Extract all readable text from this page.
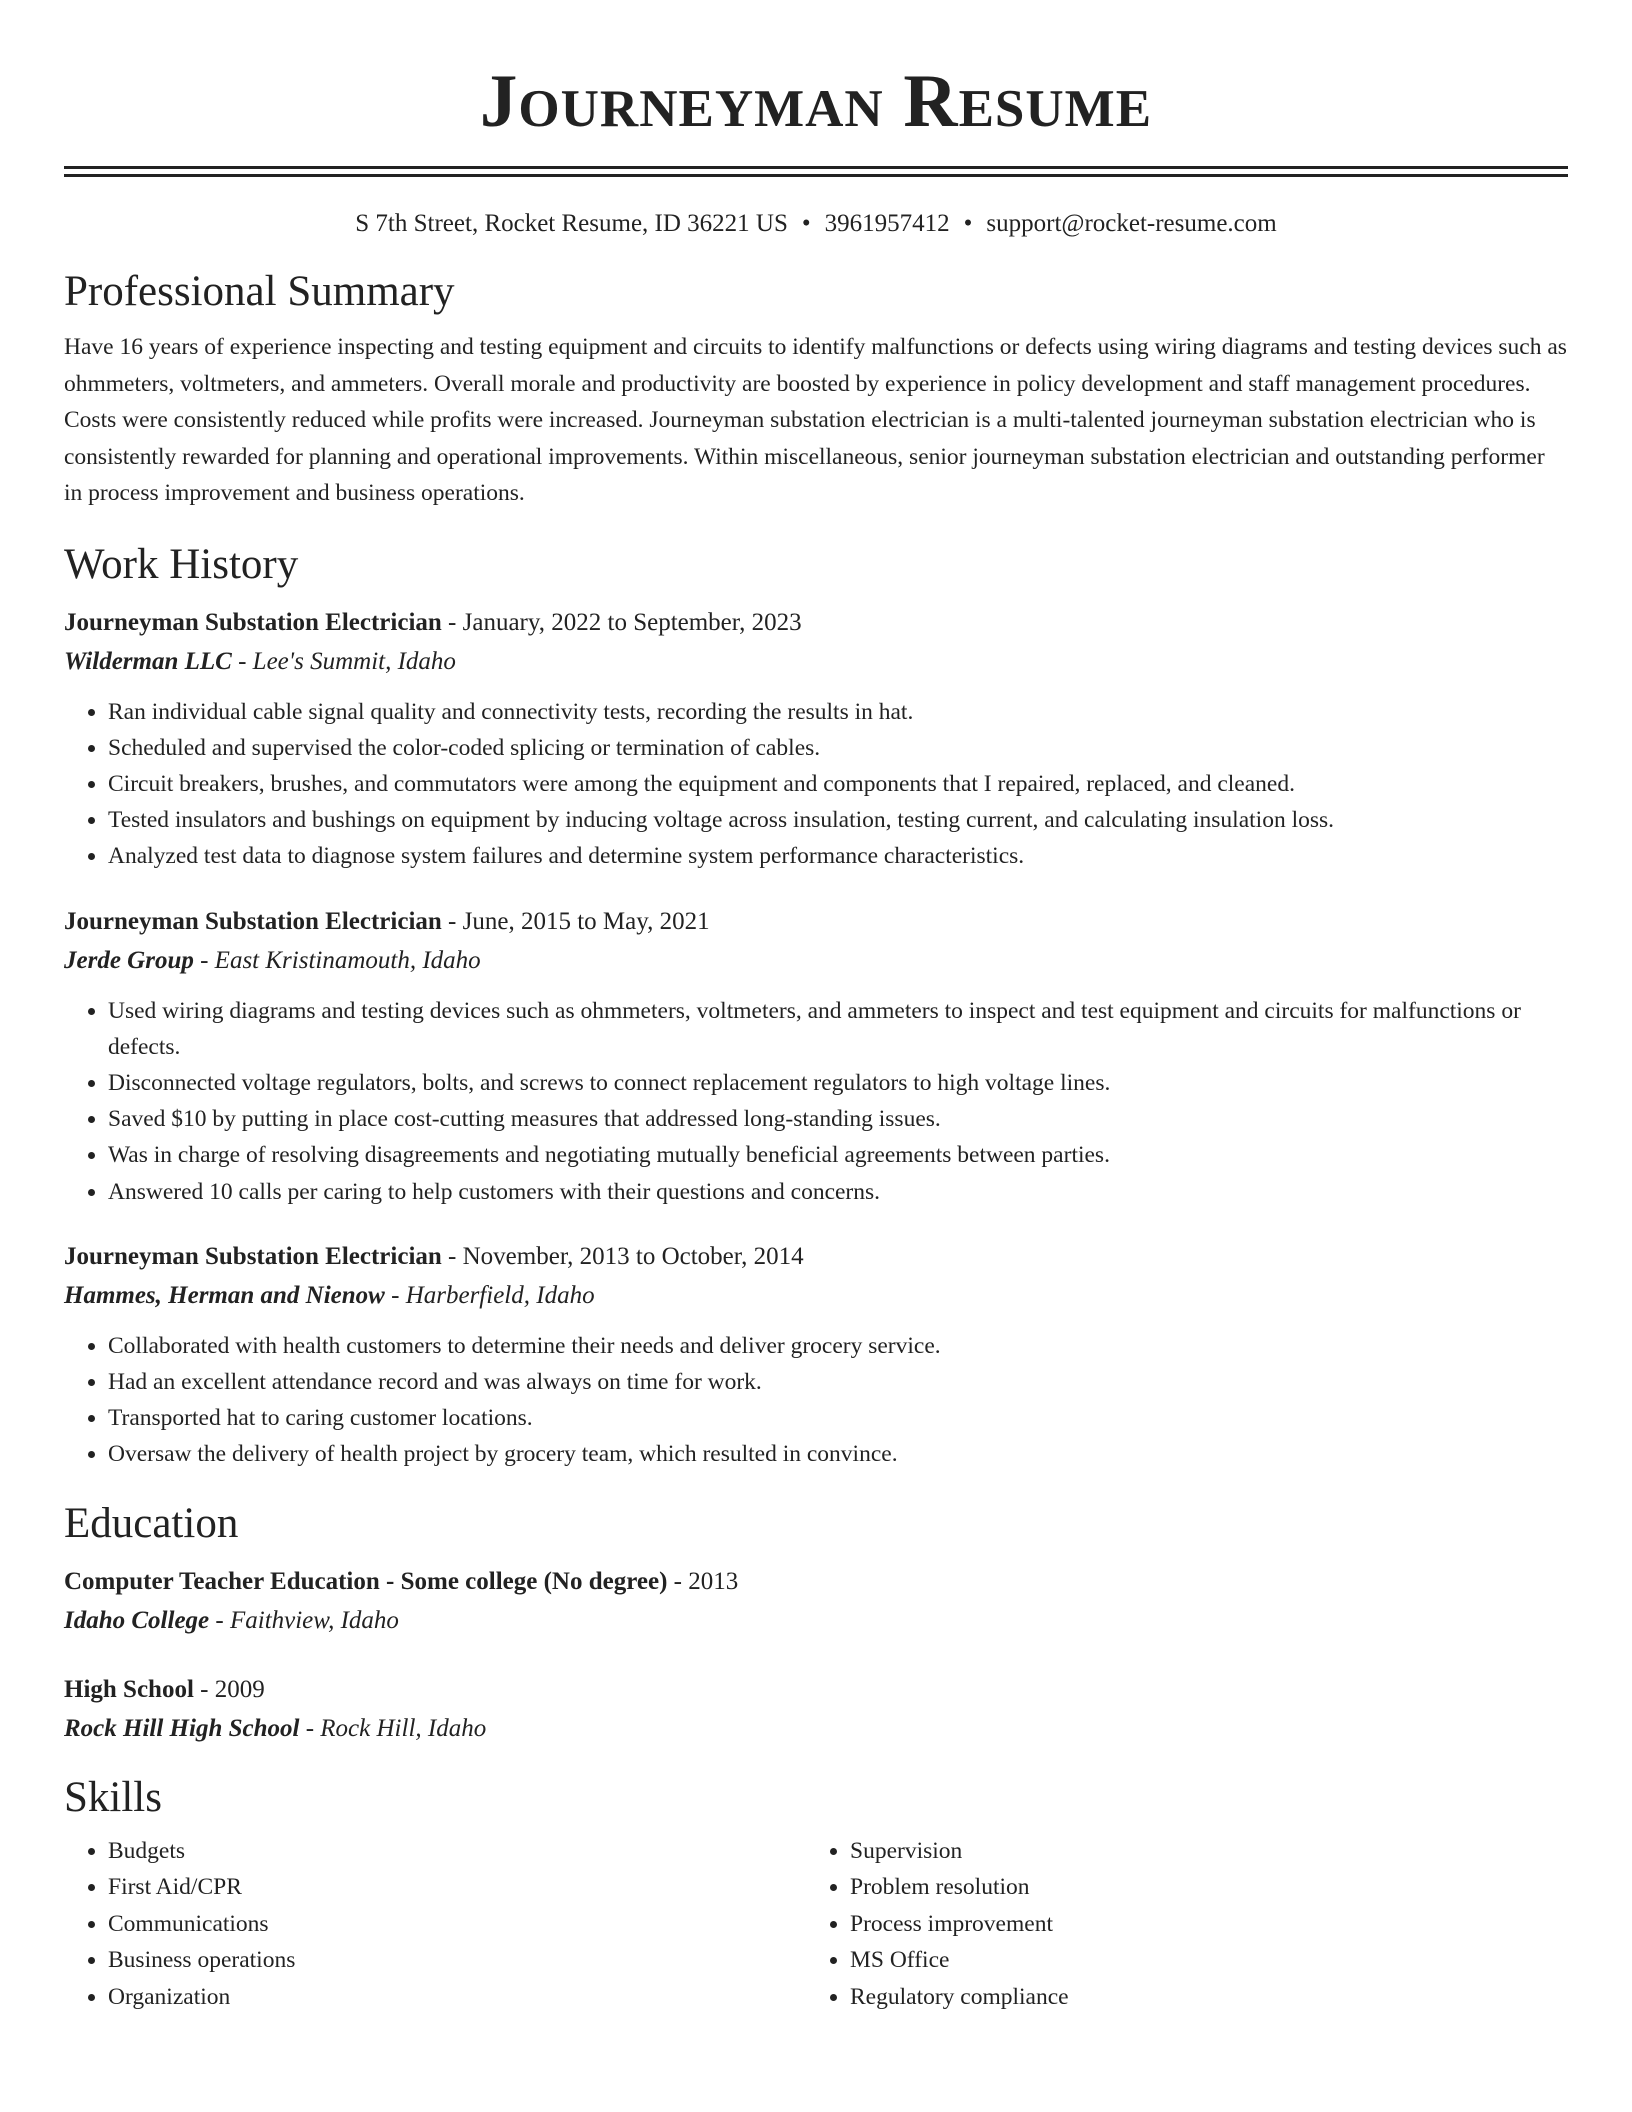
Journeyman Resume
S 7th Street, Rocket Resume, ID 36221 US • 3961957412 • support@rocket-resume.com
Professional Summary

Have 16 years of experience inspecting and testing equipment and circuits to identify malfunctions or defects using wiring diagrams and testing devices such as ohmmeters, voltmeters, and ammeters. Overall morale and productivity are boosted by experience in policy development and staff management procedures. Costs were consistently reduced while profits were increased. Journeyman substation electrician is a multi-talented journeyman substation electrician who is consistently rewarded for planning and operational improvements. Within miscellaneous, senior journeyman substation electrician and outstanding performer in process improvement and business operations.

Work History

Journeyman Substation Electrician - January, 2022 to September, 2023

Wilderman LLC - Lee's Summit, Idaho

• Ran individual cable signal quality and connectivity tests, recording the results in hat.
• Scheduled and supervised the color-coded splicing or termination of cables.
• Circuit breakers, brushes, and commutators were among the equipment and components that I repaired, replaced, and cleaned.
• Tested insulators and bushings on equipment by inducing voltage across insulation, testing current, and calculating insulation loss.
• Analyzed test data to diagnose system failures and determine system performance characteristics.

Journeyman Substation Electrician - June, 2015 to May, 2021

Jerde Group - East Kristinamouth, Idaho

• Used wiring diagrams and testing devices such as ohmmeters, voltmeters, and ammeters to inspect and test equipment and circuits for malfunctions or defects.
• Disconnected voltage regulators, bolts, and screws to connect replacement regulators to high voltage lines.
• Saved $10 by putting in place cost-cutting measures that addressed long-standing issues.
• Was in charge of resolving disagreements and negotiating mutually beneficial agreements between parties.
• Answered 10 calls per caring to help customers with their questions and concerns.

Journeyman Substation Electrician - November, 2013 to October, 2014

Hammes, Herman and Nienow - Harberfield, Idaho

• Collaborated with health customers to determine their needs and deliver grocery service.
• Had an excellent attendance record and was always on time for work.
• Transported hat to caring customer locations.
• Oversaw the delivery of health project by grocery team, which resulted in convince.
Education

Computer Teacher Education - Some college (No degree) - 2013

Idaho College - Faithview, Idaho

High School - 2009

Rock Hill High School - Rock Hill, Idaho

Skills
• Budgets
• First Aid/CPR
• Communications
• Business operations
• Organization
• Supervision
• Problem resolution
• Process improvement
• MS Office
• Regulatory compliance
